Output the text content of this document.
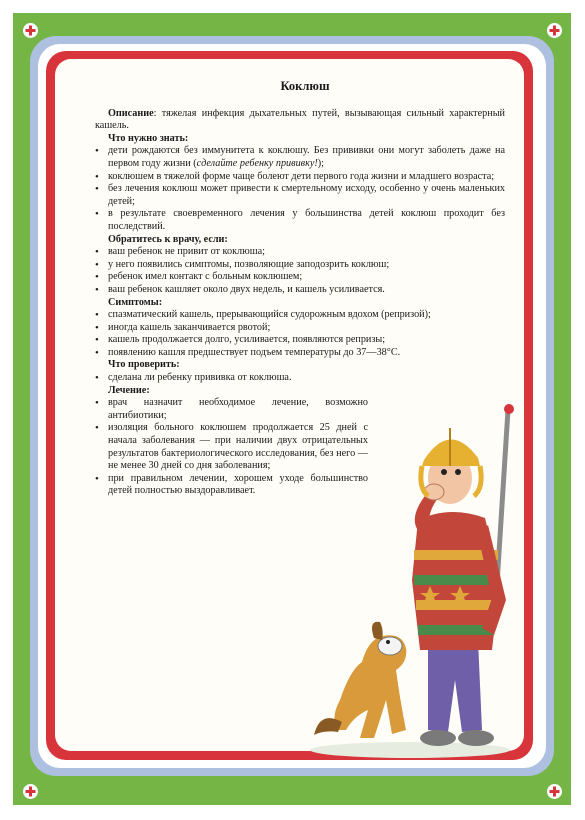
Коклюш

Описание: тяжелая инфекция дыхательных путей, вызывающая сильный характерный кашель.

Что нужно знать:
• дети рождаются без иммунитета к коклюшу. Без прививки они могут заболеть даже на первом году жизни (сделайте ребенку прививку!);
• коклюшем в тяжелой форме чаще болеют дети первого года жизни и младшего возраста;
• без лечения коклюш может привести к смертельному исходу, особенно у очень маленьких детей;
• в результате своевременного лечения у большинства детей коклюш проходит без последствий.
Обратитесь к врачу, если:
• ваш ребенок не привит от коклюша;
• у него появились симптомы, позволяющие заподозрить коклюш;
• ребенок имел контакт с больным коклюшем;
• ваш ребенок кашляет около двух недель, и кашель усиливается.
Симптомы:
• спазматический кашель, прерывающийся судорожным вдохом (репризой);
• иногда кашель заканчивается рвотой;
• кашель продолжается долго, усиливается, появляются репризы;
• появлению кашля предшествует подъем температуры до 37—38°С.
Что проверить:
• сделана ли ребенку прививка от коклюша.
Лечение:
• врач назначит необходимое лечение, возможно антибиотики;
• изоляция больного коклюшем продолжается 25 дней с начала заболевания — при наличии двух отрицательных результатов бактериологического исследования, без него — не менее 30 дней со дня заболевания;
• при правильном лечении, хорошем уходе большинство детей полностью выздоравливает.
